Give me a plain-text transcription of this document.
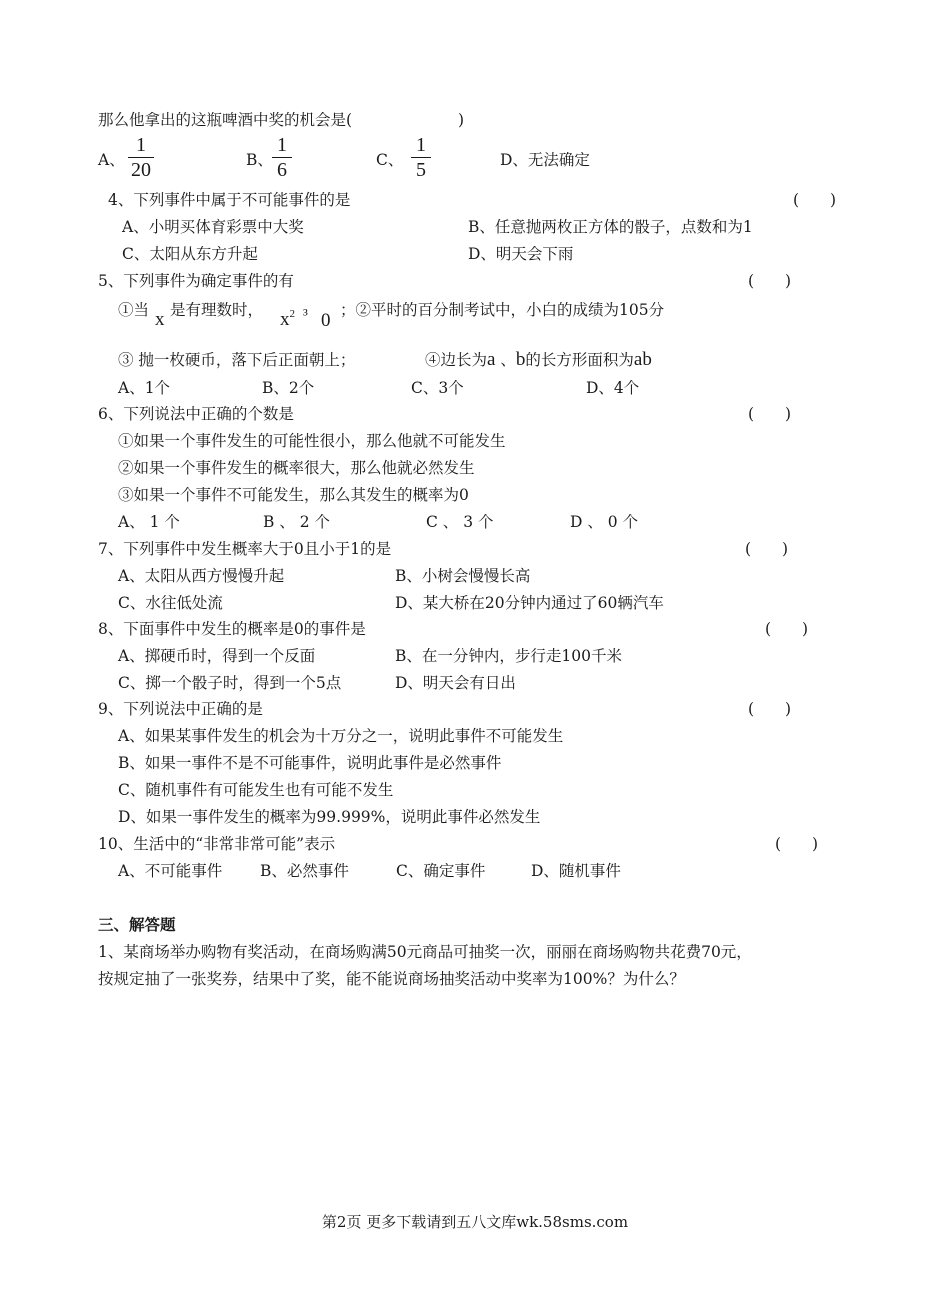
那么他拿出的这瓶啤酒中奖的机会是(	)
A、
1
20	B、
1
6	C、
1
5	D、无法确定
4、下列事件中属于不可能事件的是	(　　)
A、小明买体育彩票中大奖	B、任意抛两枚正方体的骰子，点数和为1
C、太阳从东方升起	D、明天会下雨
5、下列事件为确定事件的有	(　　)
①当 x 是有理数时， $x^2$ ³ 0 ；②平时的百分制考试中，小白的成绩为105分
③ 抛一枚硬币，落下后正面朝上；	④边长为a 、b的长方形面积为ab
A、1个	B、2个	C、3个	D、4个
6、下列说法中正确的个数是	(　　)
①如果一个事件发生的可能性很小，那么他就不可能发生
②如果一个事件发生的概率很大，那么他就必然发生
③如果一个事件不可能发生，那么其发生的概率为0
A、 1 个	B 、 2 个	C 、 3 个	D 、 0 个
7、下列事件中发生概率大于0且小于1的是	(　　)
A、太阳从西方慢慢升起	B、小树会慢慢长高
C、水往低处流	D、某大桥在20分钟内通过了60辆汽车
8、下面事件中发生的概率是0的事件是	(　　)
A、掷硬币时，得到一个反面	B、在一分钟内，步行走100千米
C、掷一个骰子时，得到一个5点	D、明天会有日出
9、下列说法中正确的是	(　　)
A、如果某事件发生的机会为十万分之一，说明此事件不可能发生
B、如果一事件不是不可能事件，说明此事件是必然事件
C、随机事件有可能发生也有可能不发生
D、如果一事件发生的概率为99.999%，说明此事件必然发生
10、生活中的“非常非常可能”表示	(　　)
A、不可能事件 B、必然事件	C、确定事件	D、随机事件
三、解答题
1、某商场举办购物有奖活动，在商场购满50元商品可抽奖一次，丽丽在商场购物共花费70元，
按规定抽了一张奖券，结果中了奖，能不能说商场抽奖活动中奖率为100%？为什么？
第2页 更多下载请到五八文库wk.58sms.com
